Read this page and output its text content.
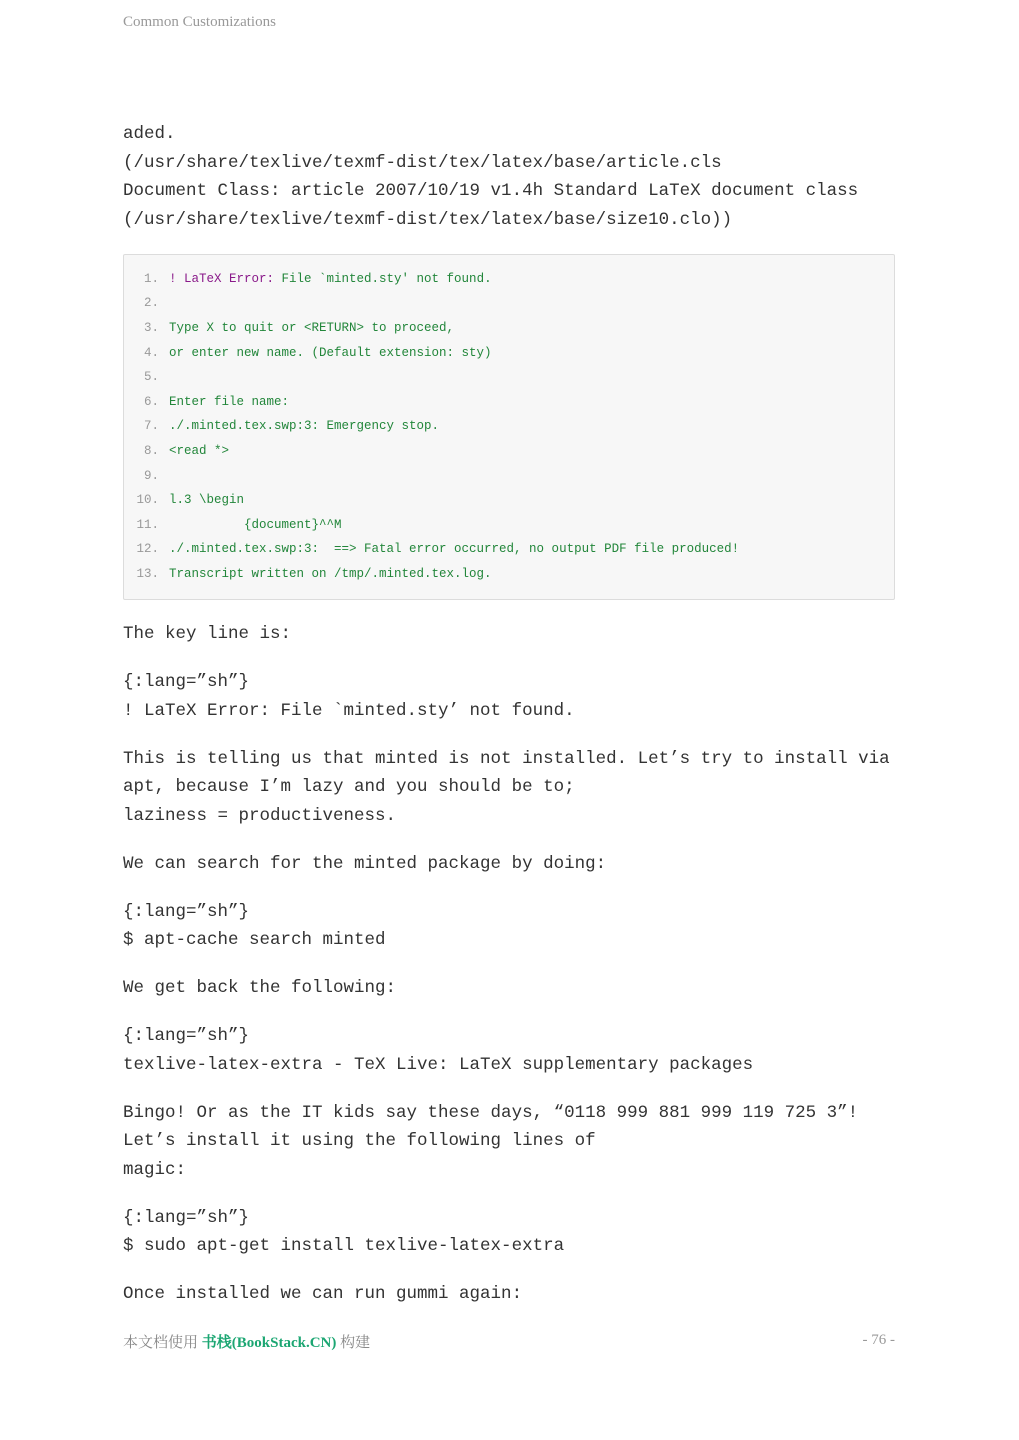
Common Customizations
aded.
(/usr/share/texlive/texmf-dist/tex/latex/base/article.cls
Document Class: article 2007/10/19 v1.4h Standard LaTeX document class
(/usr/share/texlive/texmf-dist/tex/latex/base/size10.clo))
1. ! LaTeX Error: File `minted.sty' not found.
2.
3. Type X to quit or <RETURN> to proceed,
4. or enter new name. (Default extension: sty)
5.
6. Enter file name:
7. ./.minted.tex.swp:3: Emergency stop.
8. <read *>
9.
10. l.3 \begin
11. {document}^^M
12. ./.minted.tex.swp:3:  ==> Fatal error occurred, no output PDF file produced!
13. Transcript written on /tmp/.minted.tex.log.
The key line is:
{:lang=”sh”}
! LaTeX Error: File `minted.sty’ not found.
This is telling us that minted is not installed. Let’s try to install via
apt, because I’m lazy and you should be to;
laziness = productiveness.
We can search for the minted package by doing:
{:lang=”sh”}
$ apt-cache search minted
We get back the following:
{:lang=”sh”}
texlive-latex-extra - TeX Live: LaTeX supplementary packages
Bingo! Or as the IT kids say these days, “0118 999 881 999 119 725 3”!
Let’s install it using the following lines of
magic:
{:lang=”sh”}
$ sudo apt-get install texlive-latex-extra
Once installed we can run gummi again:
本文档使用 书栈(BookStack.CN) 构建	- 76 -
